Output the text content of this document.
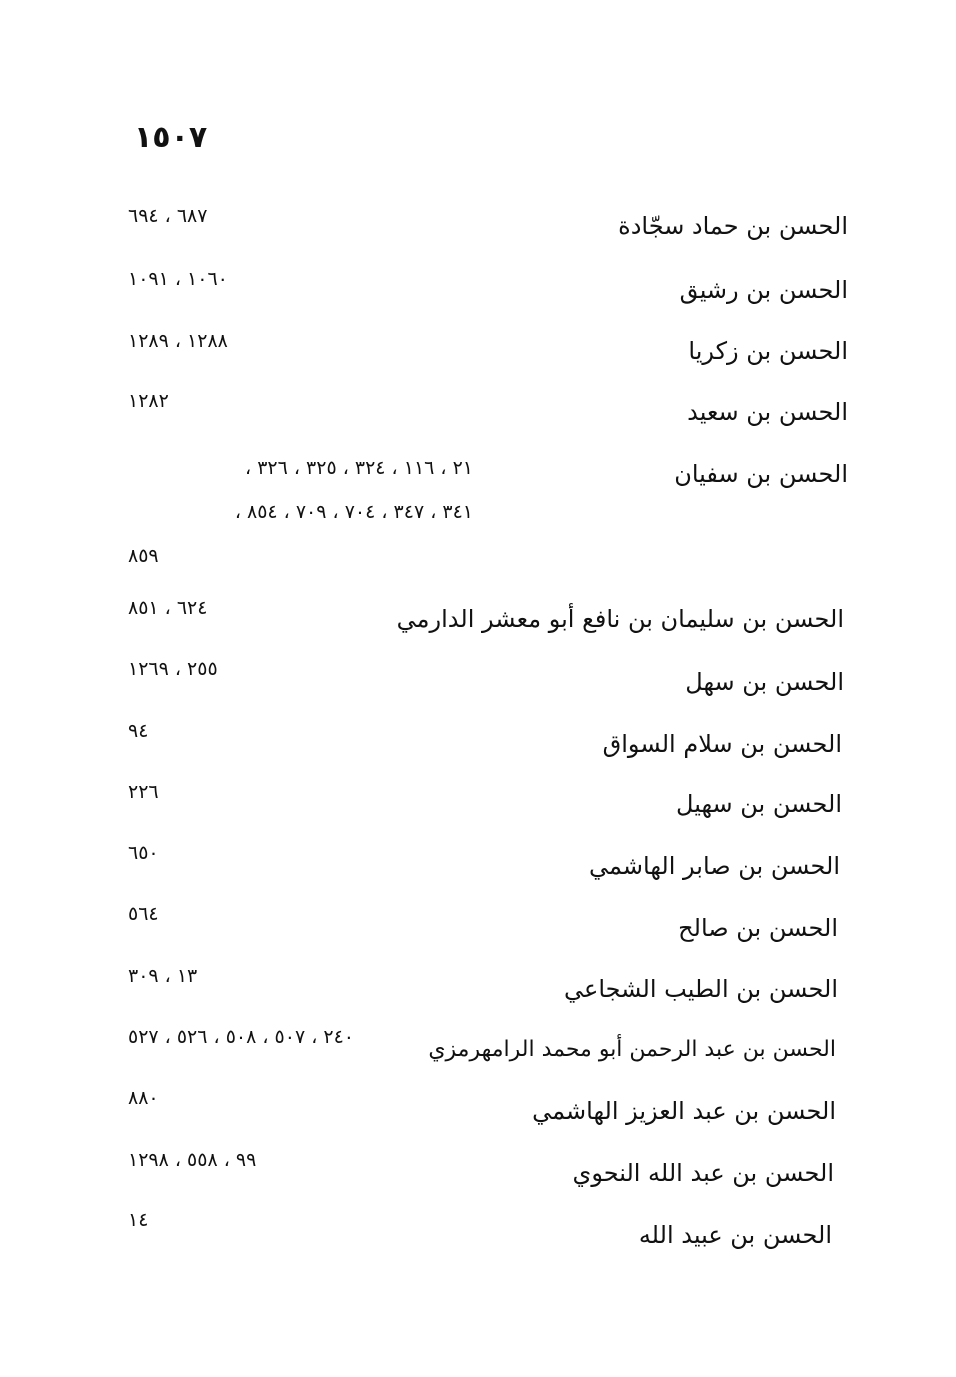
١٥٠٧
الحسن بن حماد سجّادة
٦٨٧ ، ٦٩٤
الحسن بن رشيق
١٠٦٠ ، ١٠٩١
الحسن بن زكريا
١٢٨٨ ، ١٢٨٩
الحسن بن سعيد
١٢٨٢
الحسن بن سفيان
٢١ ، ١١٦ ، ٣٢٤ ، ٣٢٥ ، ٣٢٦ ،
٣٤١ ، ٣٤٧ ، ٧٠٤ ، ٧٠٩ ، ٨٥٤ ،
٨٥٩
الحسن بن سليمان بن نافع أبو معشر الدارمي
٦٢٤ ، ٨٥١
الحسن بن سهل
٢٥٥ ، ١٢٦٩
الحسن بن سلام السواق
٩٤
الحسن بن سهيل
٢٢٦
الحسن بن صابر الهاشمي
٦٥٠
الحسن بن صالح
٥٦٤
الحسن بن الطيب الشجاعي
١٣ ، ٣٠٩
الحسن بن عبد الرحمن أبو محمد الرامهرمزي
٢٤٠ ، ٥٠٧ ، ٥٠٨ ، ٥٢٦ ، ٥٢٧
الحسن بن عبد العزيز الهاشمي
٨٨٠
الحسن بن عبد الله النحوي
٩٩ ، ٥٥٨ ، ١٢٩٨
الحسن بن عبيد الله
١٤
